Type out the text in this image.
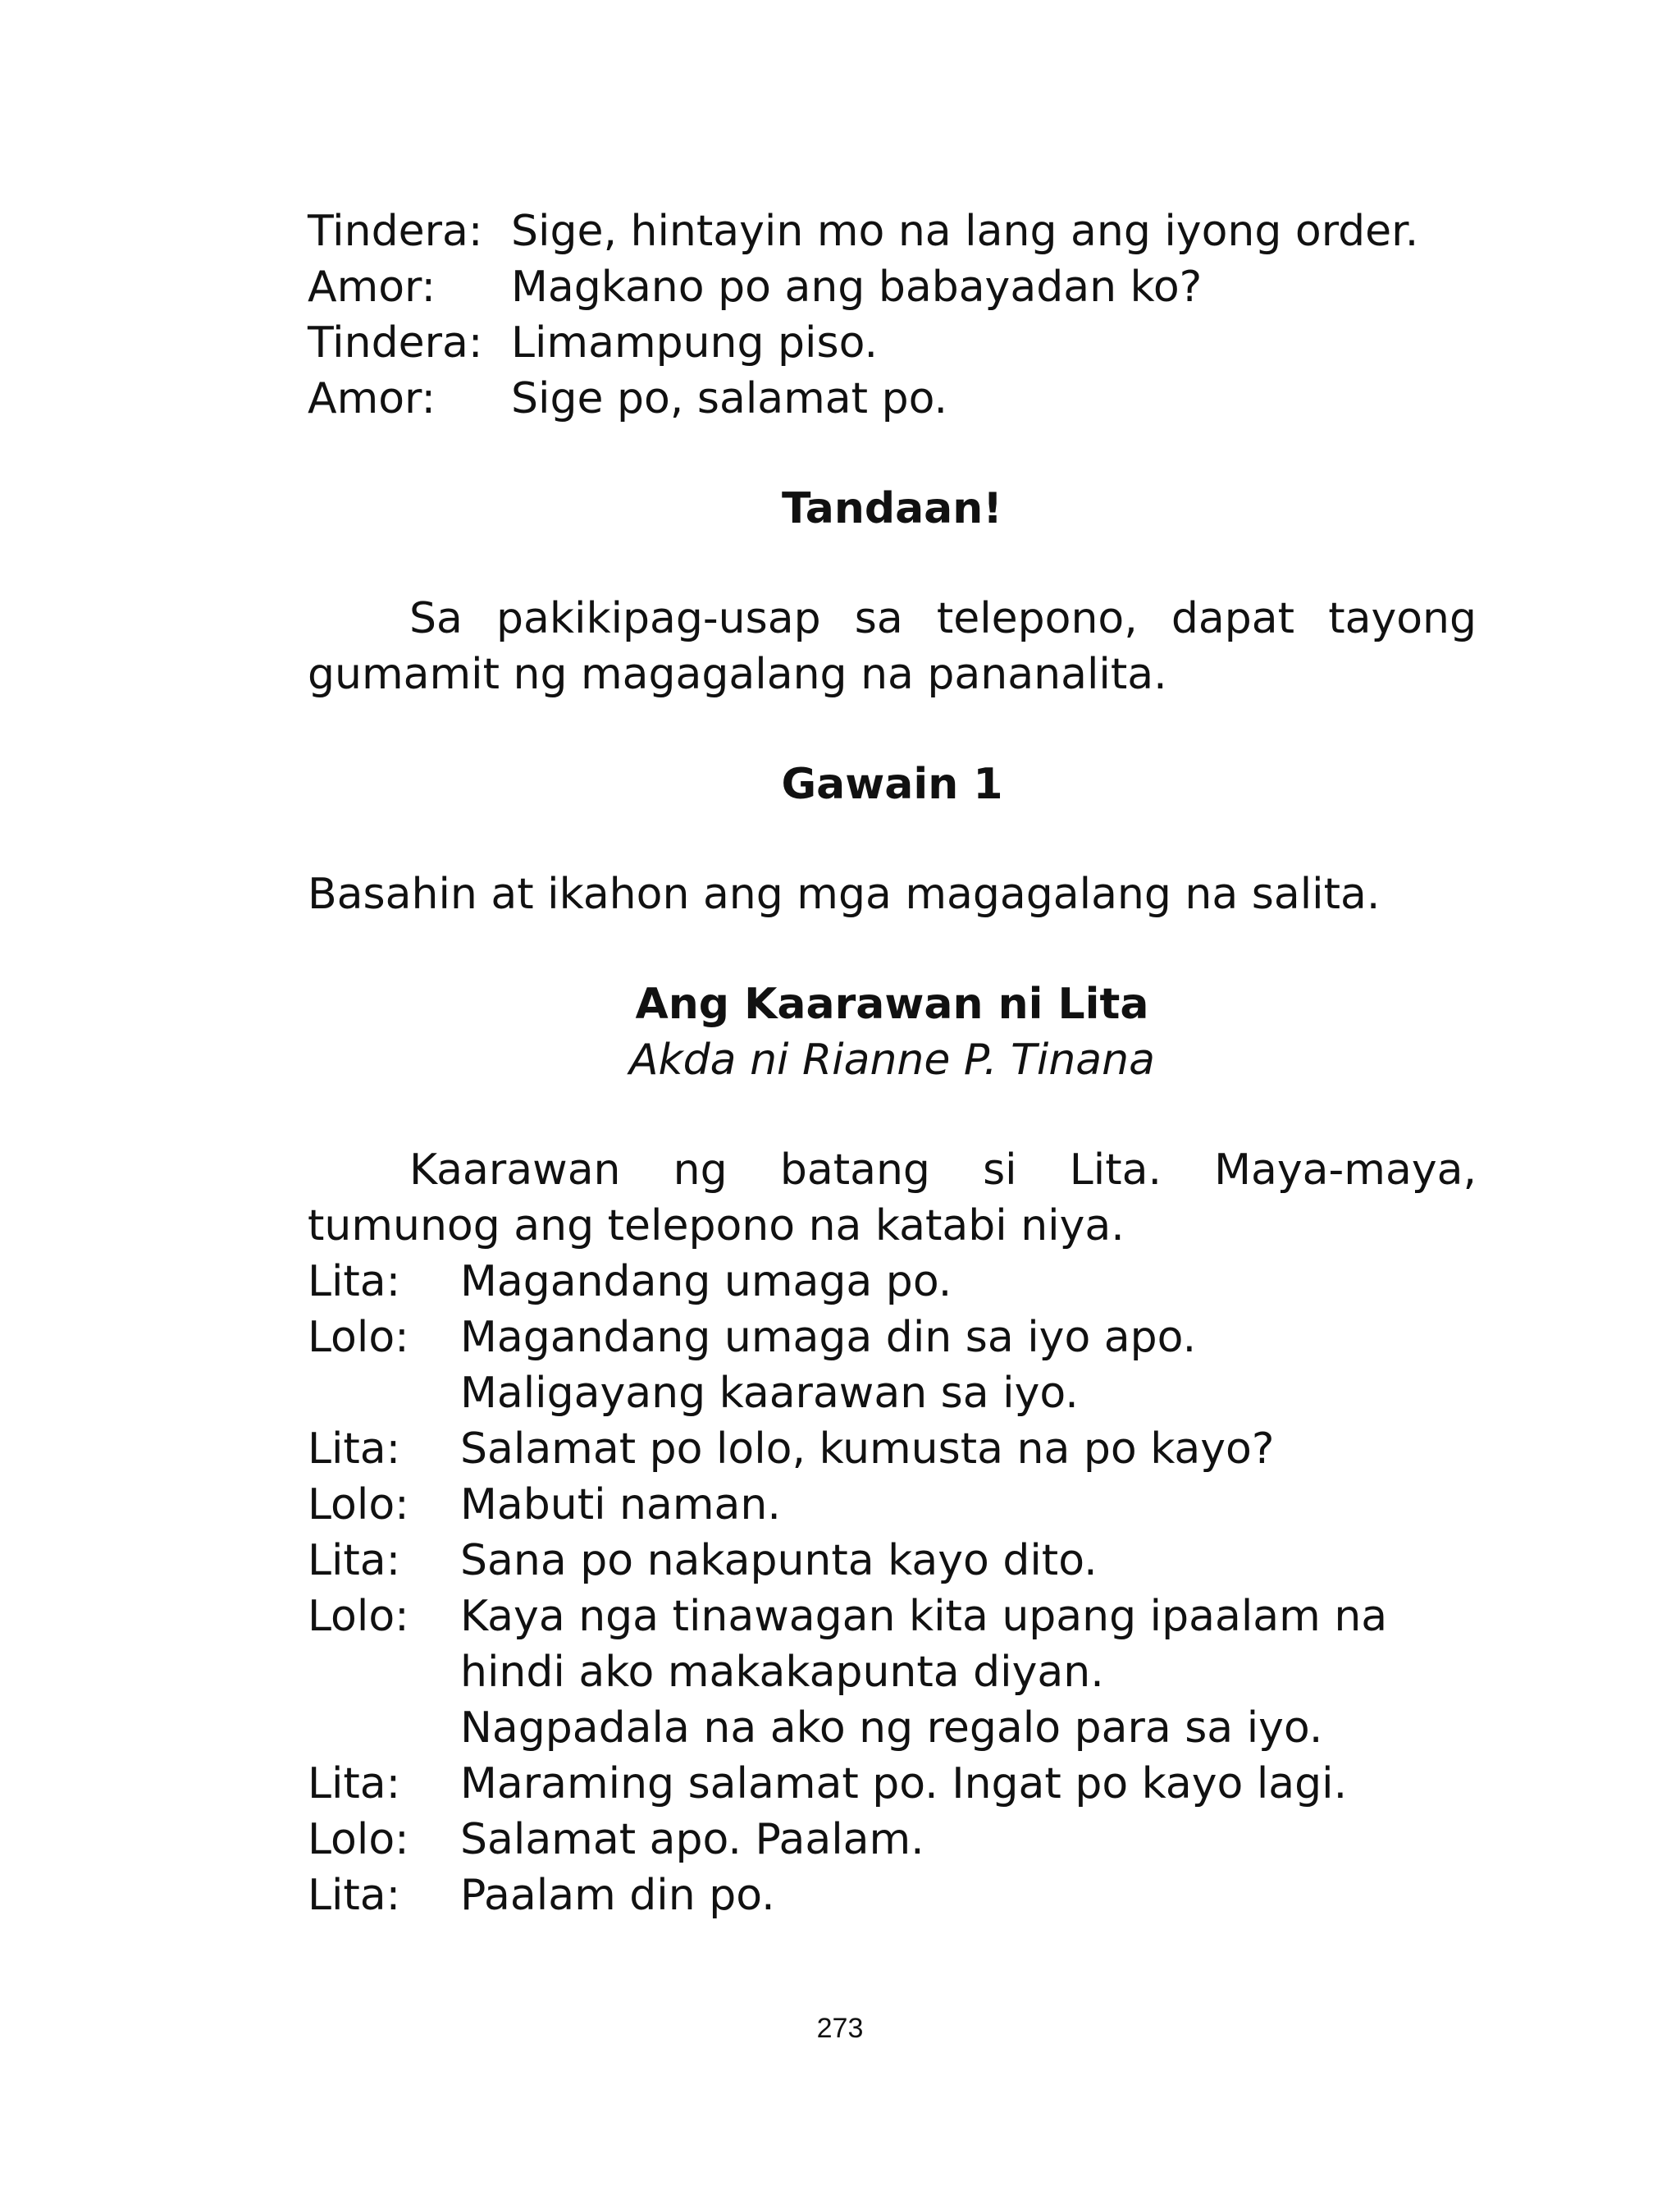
Tindera: Sige, hintayin mo na lang ang iyong order.
Amor:	Magkano po ang babayadan ko?
Tindera: Limampung piso.
Amor:	Sige po, salamat po.
Tandaan!
Sa pakikipag-usap sa telepono, dapat tayong gumamit ng magagalang na pananalita.
Gawain 1
Basahin at ikahon ang mga magagalang na salita.
Ang Kaarawan ni Lita
Akda ni Rianne P. Tinana
Kaarawan ng batang si Lita. Maya-maya, tumunog ang telepono na katabi niya.
Lita:	Magandang umaga po.
Lolo:	Magandang umaga din sa iyo apo.
Maligayang kaarawan sa iyo.
Lita:	Salamat po lolo, kumusta na po kayo?
Lolo:	Mabuti naman.
Lita:	Sana po nakapunta kayo dito.
Lolo:	Kaya nga tinawagan kita upang ipaalam na
hindi ako makakapunta diyan.
Nagpadala na ako ng regalo para sa iyo.
Lita:	Maraming salamat po. Ingat po kayo lagi.
Lolo:	Salamat apo. Paalam.
Lita:	Paalam din po.
273
